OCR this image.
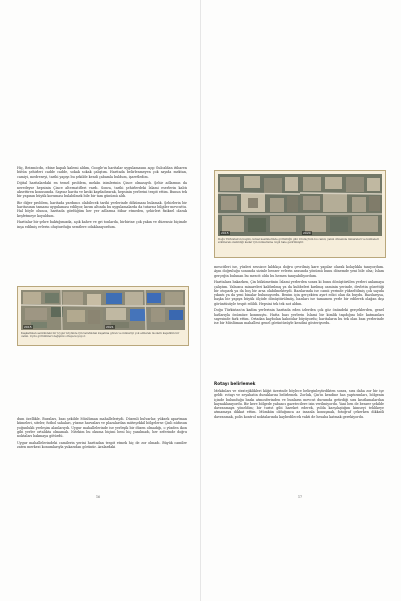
Hiç, Beizmöcdn, ebine kapalı kalemi aldım, Google'ın haritalar uygulamasını açıp Gulcaldan itibaren bütün şehirleri cadde cadde, sokak sokak çalıştım. Haritada belirlenmeyen çok sayıda mektan, camiyi, medreseyi, tarihi yapıyı bu şekilde kendi çabamla buldum, işaretledim.

Dijital haritalardaki en temel problem, mekân isimlerinin Çince olmasıydı. Şehir adlarının da neredeyse hepsinin Çince alternatifleri vardı. Sonra, tarihi şehirlerdeki İslami eserlerin kalıtı aksettiren konusunda. Sayısız harita ve kroki kaydadırarak, hepsinin yerlerini tespit ettim. Bunun tek bir yapının büyük koruması bulabilmek bile bir tam günümü aldı.

Bir diğer problem, haritada yardımcı olabilecek tarihi yerlerinde dökümanı bulamak. Şehirlerin bir haritasının tamamı uygulaması ediliyor, kırım altında bu uygulamalarda da tutarsız bilgiler mevcuttu. Hal böyle olunca, haritada gördüğüm her yer adlarına itibar etmeden, şehirleri fiziksel olarak keşfetmeye koyuldum.

Haritalar bir şehre baktığımızda, açık kahve ve gri tonlarda, birbirine çok yakın ve düzensiz biçimde inşa edilmiş evlerin oluşturduğu semtlere odaklanıyordum.

2015	2021
Kaşkaltınan semtindeki bir Uygur köyünde Çin tarafından kuşatma gören ve mimariyi yok edilerek modern kapsülün bir camii. Uydu görüntüleri değişimi ortaya koyuyor.

dum özellikle. Buraları, bazı şekilde Müslüman mahalleleriydi. Düzenli bulvarlar, yüksek apartman kümeleri, siteler, futbol sahaları, yüzme havuzları ve plazalardan müteşekkil bölgelerse Çinli nüfusun yoğunluklı yerleşim alanlarıydı. Uygur mahallelerinde ise yerleşik bir düzen olmadığı, o yüzden ikon gibi yerler ortalıkta olmamalı. Nitekim bu okuma biçimi beni hiç yanılmadı, her seferinde doğru noktaları bakmaya götürdü.

Uygur mahallelerindeki camilerin yerini haritadan tespit etmek hiç de zor olmadı. Büyük camiler zaten merkezi konumlarıyla yukarıdan görünür. Aralardaki

16
2015	2020
Doğu Türkistan'ın bugün, kırsal kesimlerinde görüldüğü gibi Urumçi'nin bu camii, yakın dönemde minareleri ve kubbeleri sökülerek olabildiği kadar Çin mimarisine özgü hale getirilmiştir.

mescitleri ise, yüzleri sessizce kıldıkça doğru çevrilmiş kare yapılar olarak kolaylıkla tanıyordum. Aynı doğruluğu sonunda sizinle benzer evlerin arasında yönümü bunu dönemde yeni bile olsa; İslam gerçeğin bulunan bu mescit oldu bu hemen tanıyabiliyordum.

Haritalara bakarken, Çin hükümetinin İslami yerlerden sonra ki bunu dönüştürülen yerleri anlamaya çalıştım. Yalnızca minareleri kaldırılmış ya da kubbeleri kırılmış caminin yerinde, devletin gözettiği bir otopark ya da boş bir arsa olabilmekteydi. Bazılarında ise camii yerinde yükseltilmiş çok sayıda yıkıntı ya da yeni binalar bulunuyordu. Benim için gerçekten ayırt edici olan da buydu. Bazılarıysa, başka bir yapıya büyük ölçüde dönüştürülmüş, bazıları ise tamamen yerle bir edilerek olağan dışı görüntüsüyle tespit edildi. Hepsini tek tek not aldım.

Doğu Türkistan'ın kadim yerlerinin haritada eden izlerden çok göz önündeki gerçeklerden, genel hatlarıyla önümüze konmuştu. Hatta bazı yerlerin İslami bir kimlik taşıdığını bile katmanları sayesinde fark ettim. Ortadan kaybolan kalıntılar büyüyordu; haritaların bu tek olan bazı yerlerinde ise bir Müslüman mahallesi genel görüntüsüyle kendini gösteriyordu.

Rotayı belirlemek

Mekânları ve stratejiklikleri kâğıt üzerinde böylece belirginleştirdikten sonra, sıra daha zor bir işe geldi: rotayı ve seyahatin duraklarını belirlemek. Zorluk, Çin'in kendine has yaptırımları, bölgenin içinde bulunduğu baskı atmosferinden ve bunların mevcut durumda getirdiği sıra kısıtlamalardan kaynaklanıyordu. Bir kere bölgede yabancı gazetecilere izin verilmiyordu. Yani ben de benzer şekilde davranmaya yöneldim; bir turist gibi hareket ederek, yolda karşılaştığım kimseyi tehlikeye atmamaya dikkat ettim. Mümkün olduğunca az insanla konuşmak, fotoğraf çekerken dikkatli davranmak, polis kontrol noktalarında kaybedilecek vakti de hesaba katmak gerekiyordu.

17
